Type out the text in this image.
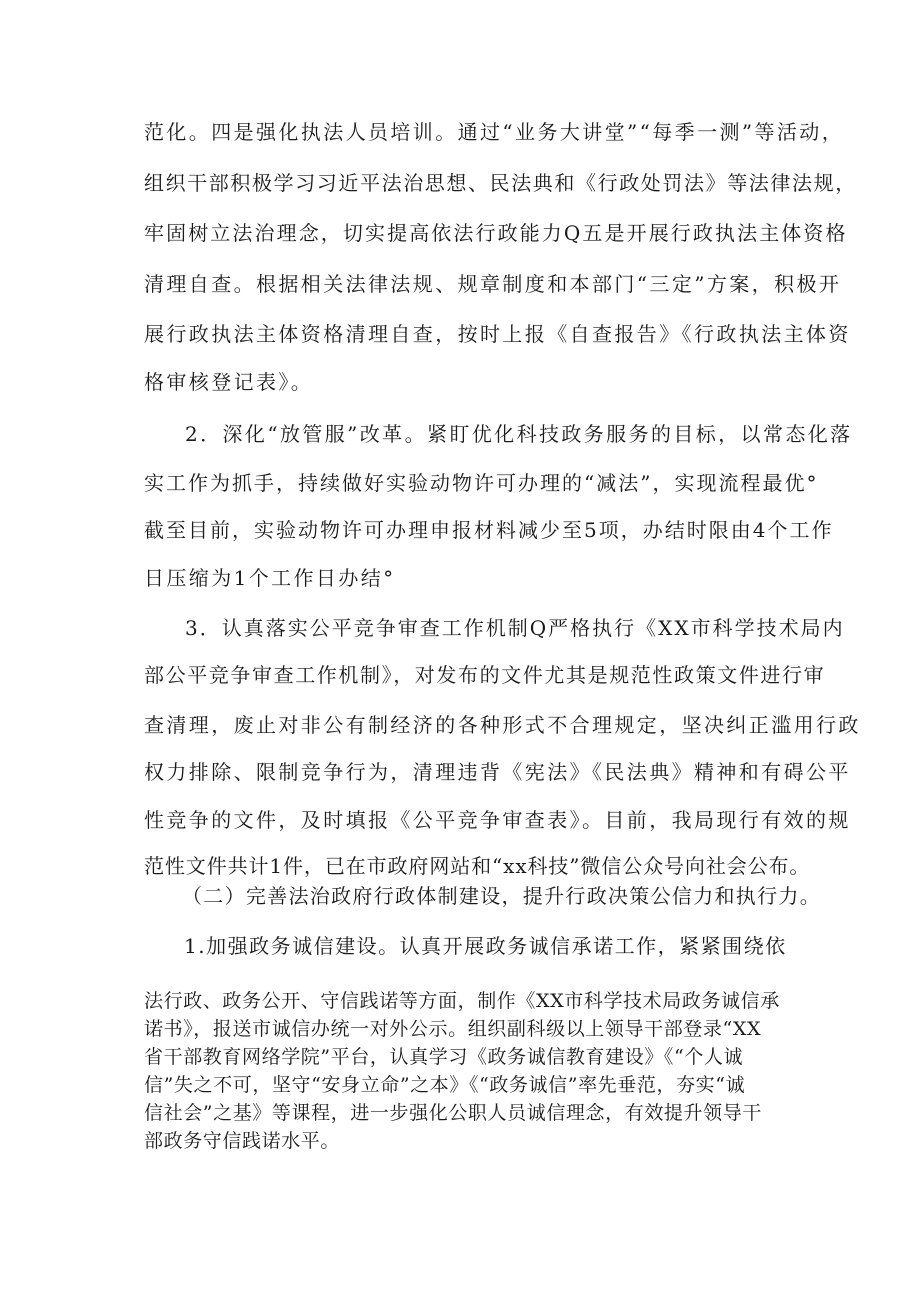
范化。四是强化执法人员培训。通过“业务大讲堂”“每季一测”等活动，
组织干部积极学习习近平法治思想、民法典和《行政处罚法》等法律法规，
牢固树立法治理念，切实提高依法行政能力Q五是开展行政执法主体资格
清理自查。根据相关法律法规、规章制度和本部门“三定”方案，积极开
展行政执法主体资格清理自查，按时上报《自查报告》《行政执法主体资
格审核登记表》。
2．深化“放管服”改革。紧盯优化科技政务服务的目标，以常态化落
实工作为抓手，持续做好实验动物许可办理的“减法”，实现流程最优°
截至目前，实验动物许可办理申报材料减少至5项，办结时限由4个工作
日压缩为1个工作日办结°
3．认真落实公平竞争审查工作机制Q严格执行《XX市科学技术局内
部公平竞争审查工作机制》，对发布的文件尤其是规范性政策文件进行审
查清理，废止对非公有制经济的各种形式不合理规定，坚决纠正滥用行政
权力排除、限制竞争行为，清理违背《宪法》《民法典》精神和有碍公平
性竞争的文件，及时填报《公平竞争审查表》。目前，我局现行有效的规
范性文件共计1件，已在市政府网站和“xx科技”微信公众号向社会公布。
（二）完善法治政府行政体制建设，提升行政决策公信力和执行力。
1.加强政务诚信建设。认真开展政务诚信承诺工作，紧紧围绕依
法行政、政务公开、守信践诺等方面，制作《XX市科学技术局政务诚信承
诺书》，报送市诚信办统一对外公示。组织副科级以上领导干部登录“XX
省干部教育网络学院”平台，认真学习《政务诚信教育建设》《“个人诚
信”失之不可，坚守“安身立命”之本》《“政务诚信”率先垂范，夯实“诚
信社会”之基》等课程，进一步强化公职人员诚信理念，有效提升领导干
部政务守信践诺水平。
